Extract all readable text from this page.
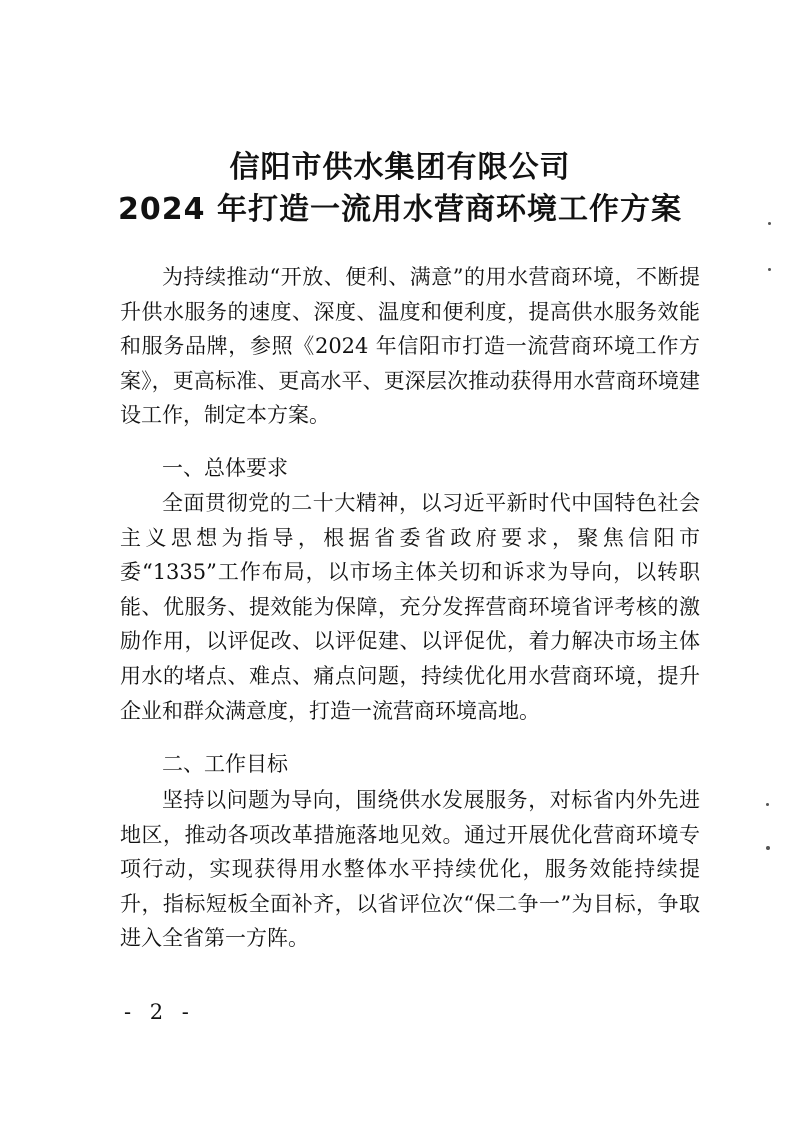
信阳市供水集团有限公司
2024 年打造一流用水营商环境工作方案
为持续推动“开放、便利、满意”的用水营商环境，不断提升供水服务的速度、深度、温度和便利度，提高供水服务效能和服务品牌，参照《2024 年信阳市打造一流营商环境工作方案》，更高标准、更高水平、更深层次推动获得用水营商环境建设工作，制定本方案。
一、总体要求
全面贯彻党的二十大精神，以习近平新时代中国特色社会主义思想为指导，根据省委省政府要求，聚焦信阳市委“1335”工作布局，以市场主体关切和诉求为导向，以转职能、优服务、提效能为保障，充分发挥营商环境省评考核的激励作用，以评促改、以评促建、以评促优，着力解决市场主体用水的堵点、难点、痛点问题，持续优化用水营商环境，提升企业和群众满意度，打造一流营商环境高地。
二、工作目标
坚持以问题为导向，围绕供水发展服务，对标省内外先进地区，推动各项改革措施落地见效。通过开展优化营商环境专项行动，实现获得用水整体水平持续优化，服务效能持续提升，指标短板全面补齐，以省评位次“保二争一”为目标，争取进入全省第一方阵。
- 2 -
